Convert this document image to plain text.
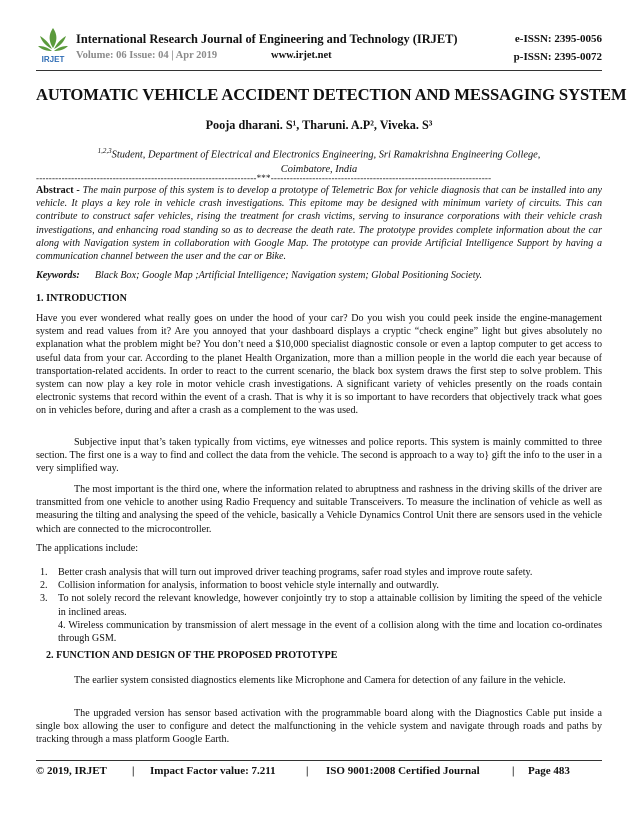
IRJET
International Research Journal of Engineering and Technology (IRJET)	e-ISSN: 2395-0056
Volume: 06 Issue: 04 | Apr 2019	www.irjet.net	p-ISSN: 2395-0072
AUTOMATIC VEHICLE ACCIDENT DETECTION AND MESSAGING SYSTEM
Pooja dharani. S¹, Tharuni. A.P², Viveka. S³
$^{1,2,3}$Student, Department of Electrical and Electronics Engineering, Sri Ramakrishna Engineering College,
Coimbatore, India
---------------------------------------------------------------------***---------------------------------------------------------------------
Abstract - The main purpose of this system is to develop a prototype of Telemetric Box for vehicle diagnosis that can be installed into any vehicle. It plays a key role in vehicle crash investigations. This epitome may be designed with minimum variety of circuits. This can contribute to construct safer vehicles, rising the treatment for crash victims, serving to insurance corporations with their vehicle crash investigations, and enhancing road standing so as to decrease the death rate. The prototype provides complete information about the car along with Navigation system in collaboration with Google Map. The prototype can provide Artificial Intelligence Support by having a communication channel between the user and the car or Bike.
Keywords: Black Box; Google Map ;Artificial Intelligence; Navigation system; Global Positioning Society.
1. INTRODUCTION
Have you ever wondered what really goes on under the hood of your car? Do you wish you could peek inside the engine-management system and read values from it? Are you annoyed that your dashboard displays a cryptic “check engine” light but gives absolutely no explanation what the problem might be? You don’t need a $10,000 specialist diagnostic console or even a laptop computer to get access to useful data from your car. According to the planet Health Organization, more than a million people in the world die each year because of transportation-related accidents. In order to react to the current scenario, the black box system draws the first step to solve problem. This system can now play a key role in motor vehicle crash investigations. A significant variety of vehicles presently on the roads contain electronic systems that record within the event of a crash. That is why it is so important to have recorders that objectively track what goes on in vehicles before, during and after a crash as a complement to the was used.
Subjective input that’s taken typically from victims, eye witnesses and police reports. This system is mainly committed to three section. The first one is a way to find and collect the data from the vehicle. The second is approach to a way to} gift the info to the user in a very simplified way.
The most important is the third one, where the information related to abruptness and rashness in the driving skills of the driver are transmitted from one vehicle to another using Radio Frequency and suitable Transceivers. To measure the inclination of vehicle as well as measuring the tilting and analysing the speed of the vehicle, basically a Vehicle Dynamics Control Unit there are sensors used in the vehicle which are connected to the microcontroller.
The applications include:
1. Better crash analysis that will turn out improved driver teaching programs, safer road styles and improve route safety.
2. Collision information for analysis, information to boost vehicle style internally and outwardly.
3. To not solely record the relevant knowledge, however conjointly try to stop a attainable collision by limiting the speed of the vehicle in inclined areas.
4. Wireless communication by transmission of alert message in the event of a collision along with the time and location co-ordinates through GSM.
2. FUNCTION AND DESIGN OF THE PROPOSED PROTOTYPE
The earlier system consisted diagnostics elements like Microphone and Camera for detection of any failure in the vehicle.
The upgraded version has sensor based activation with the programmable board along with the Diagnostics Cable put inside a single box allowing the user to configure and detect the malfunctioning in the vehicle system and navigate through roads and paths by tracking through a mass platform Google Earth.
© 2019, IRJET | Impact Factor value: 7.211	| ISO 9001:2008 Certified Journal	| Page 483
